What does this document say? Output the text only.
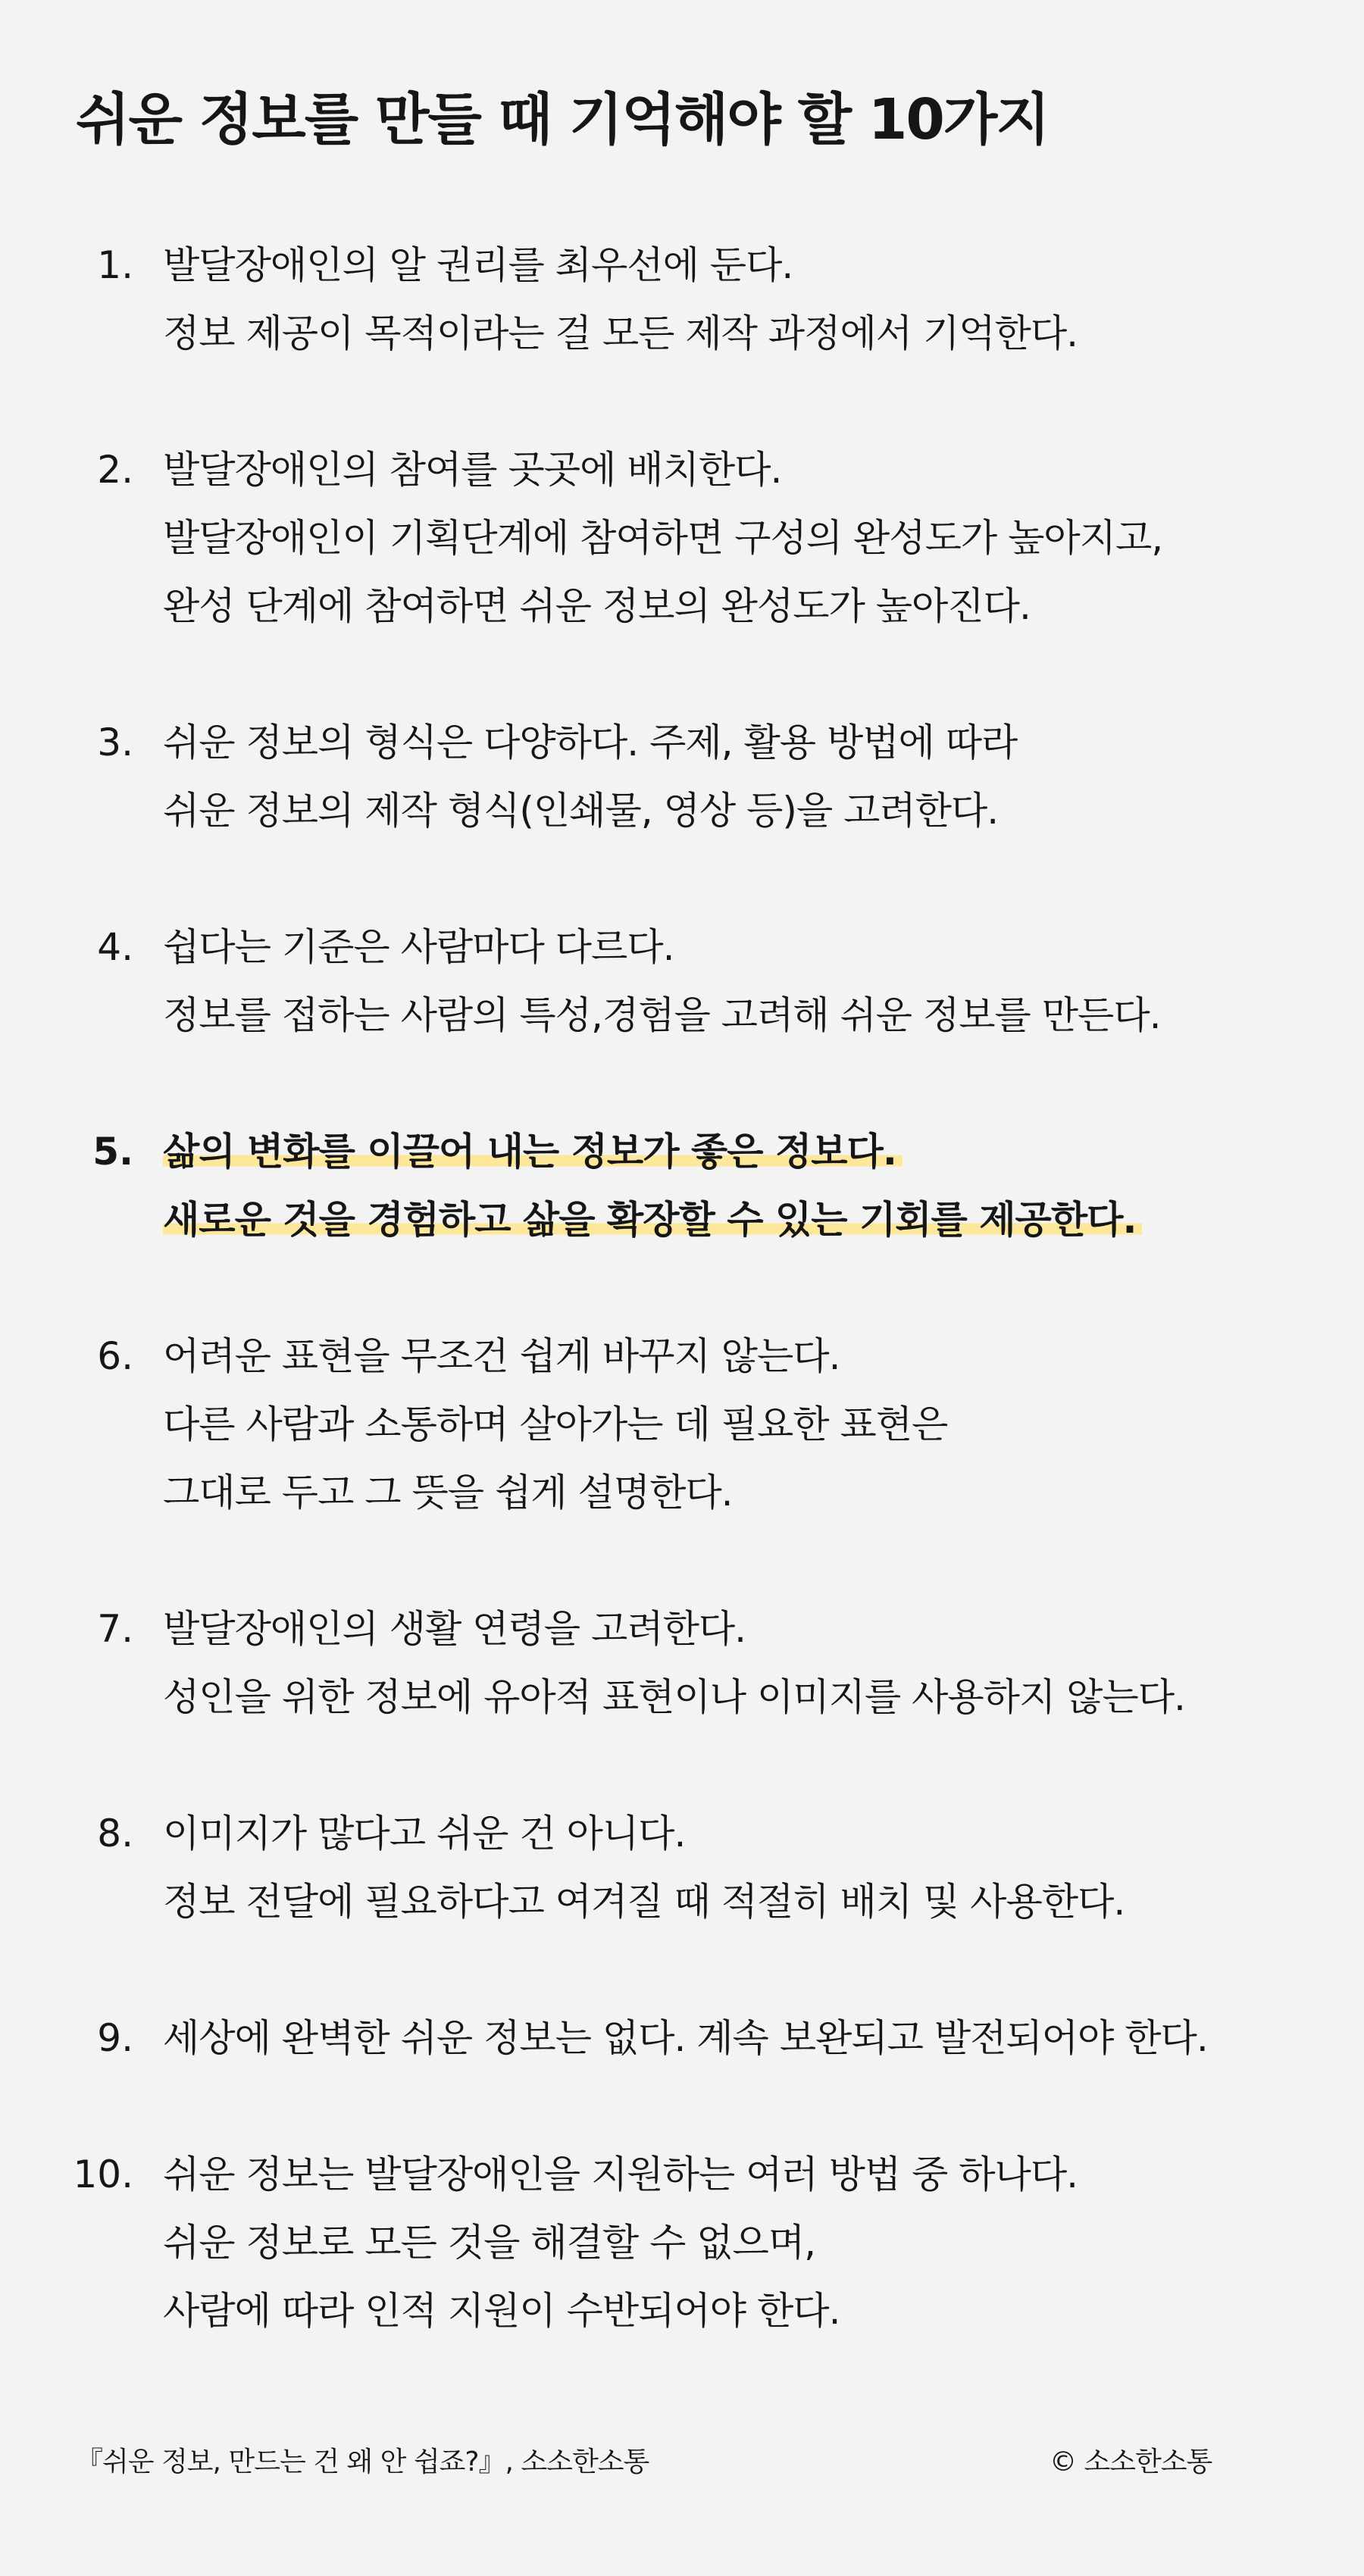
쉬운 정보를 만들 때 기억해야 할 10가지
1. 발달장애인의 알 권리를 최우선에 둔다.
정보 제공이 목적이라는 걸 모든 제작 과정에서 기억한다.
2. 발달장애인의 참여를 곳곳에 배치한다.
발달장애인이 기획단계에 참여하면 구성의 완성도가 높아지고,
완성 단계에 참여하면 쉬운 정보의 완성도가 높아진다.
3. 쉬운 정보의 형식은 다양하다. 주제, 활용 방법에 따라
쉬운 정보의 제작 형식(인쇄물, 영상 등)을 고려한다.
4. 쉽다는 기준은 사람마다 다르다.
정보를 접하는 사람의 특성,경험을 고려해 쉬운 정보를 만든다.
5. 삶의 변화를 이끌어 내는 정보가 좋은 정보다.
새로운 것을 경험하고 삶을 확장할 수 있는 기회를 제공한다.
6. 어려운 표현을 무조건 쉽게 바꾸지 않는다.
다른 사람과 소통하며 살아가는 데 필요한 표현은
그대로 두고 그 뜻을 쉽게 설명한다.
7. 발달장애인의 생활 연령을 고려한다.
성인을 위한 정보에 유아적 표현이나 이미지를 사용하지 않는다.
8. 이미지가 많다고 쉬운 건 아니다.
정보 전달에 필요하다고 여겨질 때 적절히 배치 및 사용한다.
9. 세상에 완벽한 쉬운 정보는 없다. 계속 보완되고 발전되어야 한다.
10. 쉬운 정보는 발달장애인을 지원하는 여러 방법 중 하나다.
쉬운 정보로 모든 것을 해결할 수 없으며,
사람에 따라 인적 지원이 수반되어야 한다.
『쉬운 정보, 만드는 건 왜 안 쉽죠?』, 소소한소통	© 소소한소통
